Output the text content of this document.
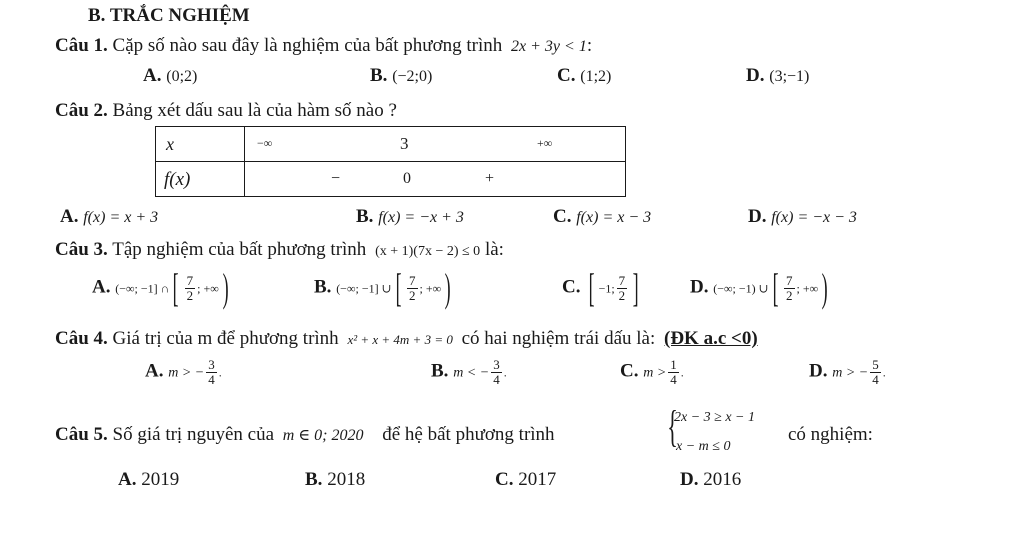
B. TRẮC NGHIỆM
Câu 1. Cặp số nào sau đây là nghiệm của bất phương trình 2x + 3y < 1:
A. (0;2)	B. (−2;0)	C. (1;2)	D. (3;−1)
Câu 2. Bảng xét dấu sau là của hàm số nào ?
x	−∞ 3 +∞

f(x)	− 0 +
A. f(x) = x + 3	B. f(x) = −x + 3	C. f(x) = x − 3	D. f(x) = −x − 3
Câu 3. Tập nghiệm của bất phương trình (x + 1)(7x − 2) ≤ 0 là:
A. (−∞; −1] ∩[ $\frac{7}{2}$ ; +∞)	B. (−∞; −1] ∪[ $\frac{7}{2}$ ; +∞)	C. [ −1; $\frac{7}{2}$ ]	D. (−∞; −1) ∪[ $\frac{7}{2}$ ; +∞)
Câu 4. Giá trị của m để phương trình x² + x + 4m + 3 = 0 có hai nghiệm trái dấu là: (ĐK a.c <0)
A. m > − $\frac{3}{4}$ .	B. m < − $\frac{3}{4}$ .	C. $m > \frac{1}{4}$ .	D. m > − $\frac{5}{4}$ .
Câu 5. Số giá trị nguyên của m ∈ 0; 2020 để hệ bất phương trình	{
2x − 3 ≥ x − 1
x − m ≤ 0
có nghiệm:
A. 2019	B. 2018	C. 2017	D. 2016
